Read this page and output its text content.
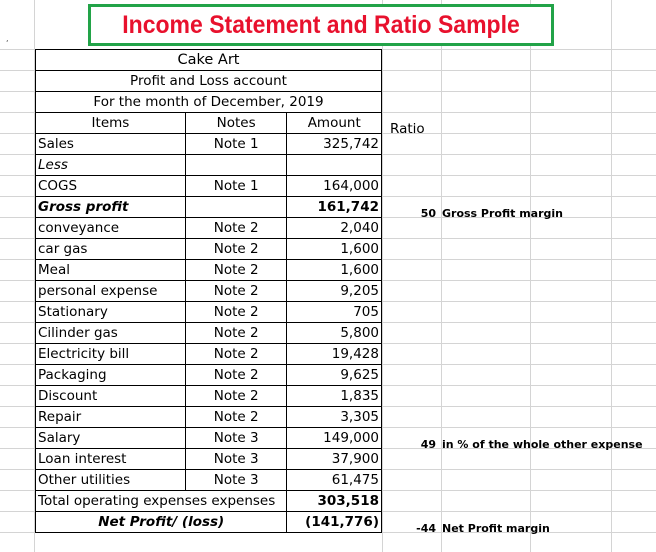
,	Income Statement and Ratio Sample
Cake Art		
Profit and Loss account		
For the month of December, 2019		
Items	Notes	Amount
Sales	Note 1	325,742
Less		
COGS	Note 1	164,000
Gross profit		161,742
conveyance	Note 2	2,040
car gas	Note 2	1,600
Meal	Note 2	1,600
personal expense	Note 2	9,205
Stationary	Note 2	705
Cilinder gas	Note 2	5,800
Electricity bill	Note 2	19,428
Packaging	Note 2	9,625
Discount	Note 2	1,835
Repair	Note 2	3,305
Salary	Note 3	149,000
Loan interest	Note 3	37,900
Other utilities	Note 3	61,475
Total operating expenses expenses		303,518
Net Profit/ (loss)		(141,776)
Ratio
50 Gross Profit margin
49 in % of the whole other expense
-44 Net Profit margin
